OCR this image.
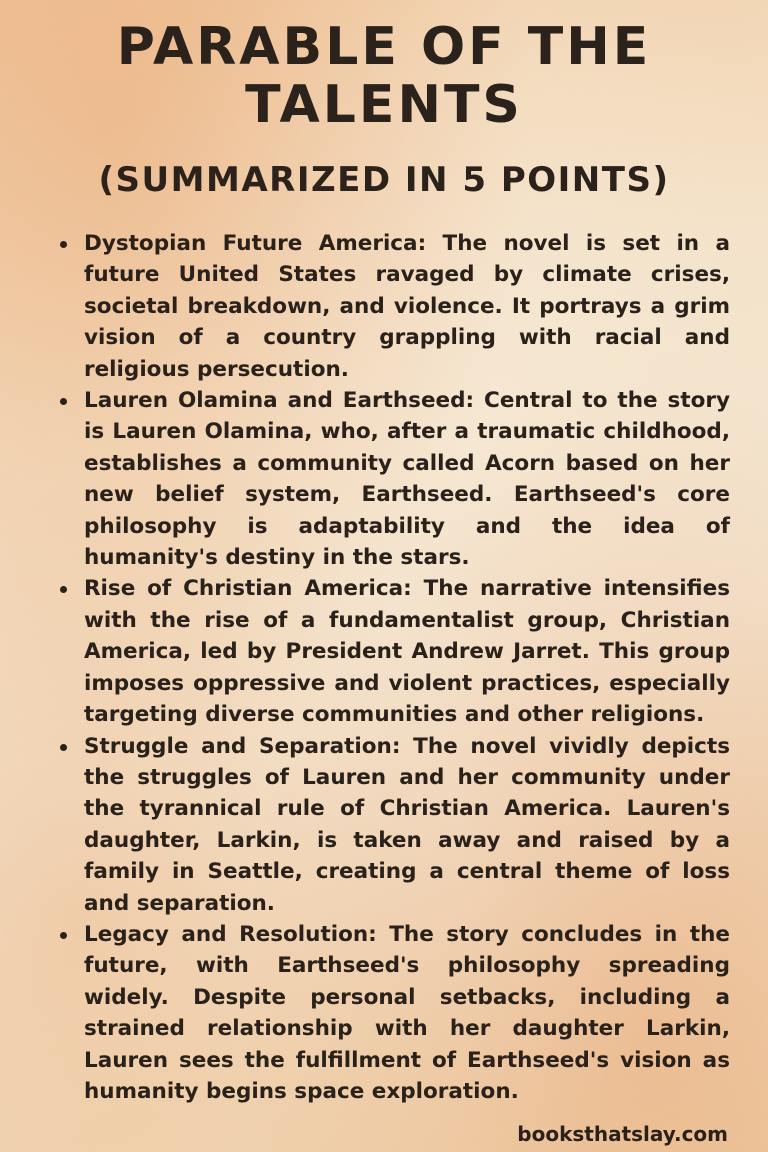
PARABLE OF THE
TALENTS
(SUMMARIZED IN 5 POINTS)
Dystopian Future America: The novel is set in a future United States ravaged by climate crises, societal breakdown, and violence. It portrays a grim vision of a country grappling with racial and religious persecution.
Lauren Olamina and Earthseed: Central to the story is Lauren Olamina, who, after a traumatic childhood, establishes a community called Acorn based on her new belief system, Earthseed. Earthseed's core philosophy is adaptability and the idea of humanity's destiny in the stars.
Rise of Christian America: The narrative intensifies with the rise of a fundamentalist group, Christian America, led by President Andrew Jarret. This group imposes oppressive and violent practices, especially targeting diverse communities and other religions.
Struggle and Separation: The novel vividly depicts the struggles of Lauren and her community under the tyrannical rule of Christian America. Lauren's daughter, Larkin, is taken away and raised by a family in Seattle, creating a central theme of loss and separation.
Legacy and Resolution: The story concludes in the future, with Earthseed's philosophy spreading widely. Despite personal setbacks, including a strained relationship with her daughter Larkin, Lauren sees the fulfillment of Earthseed's vision as humanity begins space exploration.
booksthatslay.com
